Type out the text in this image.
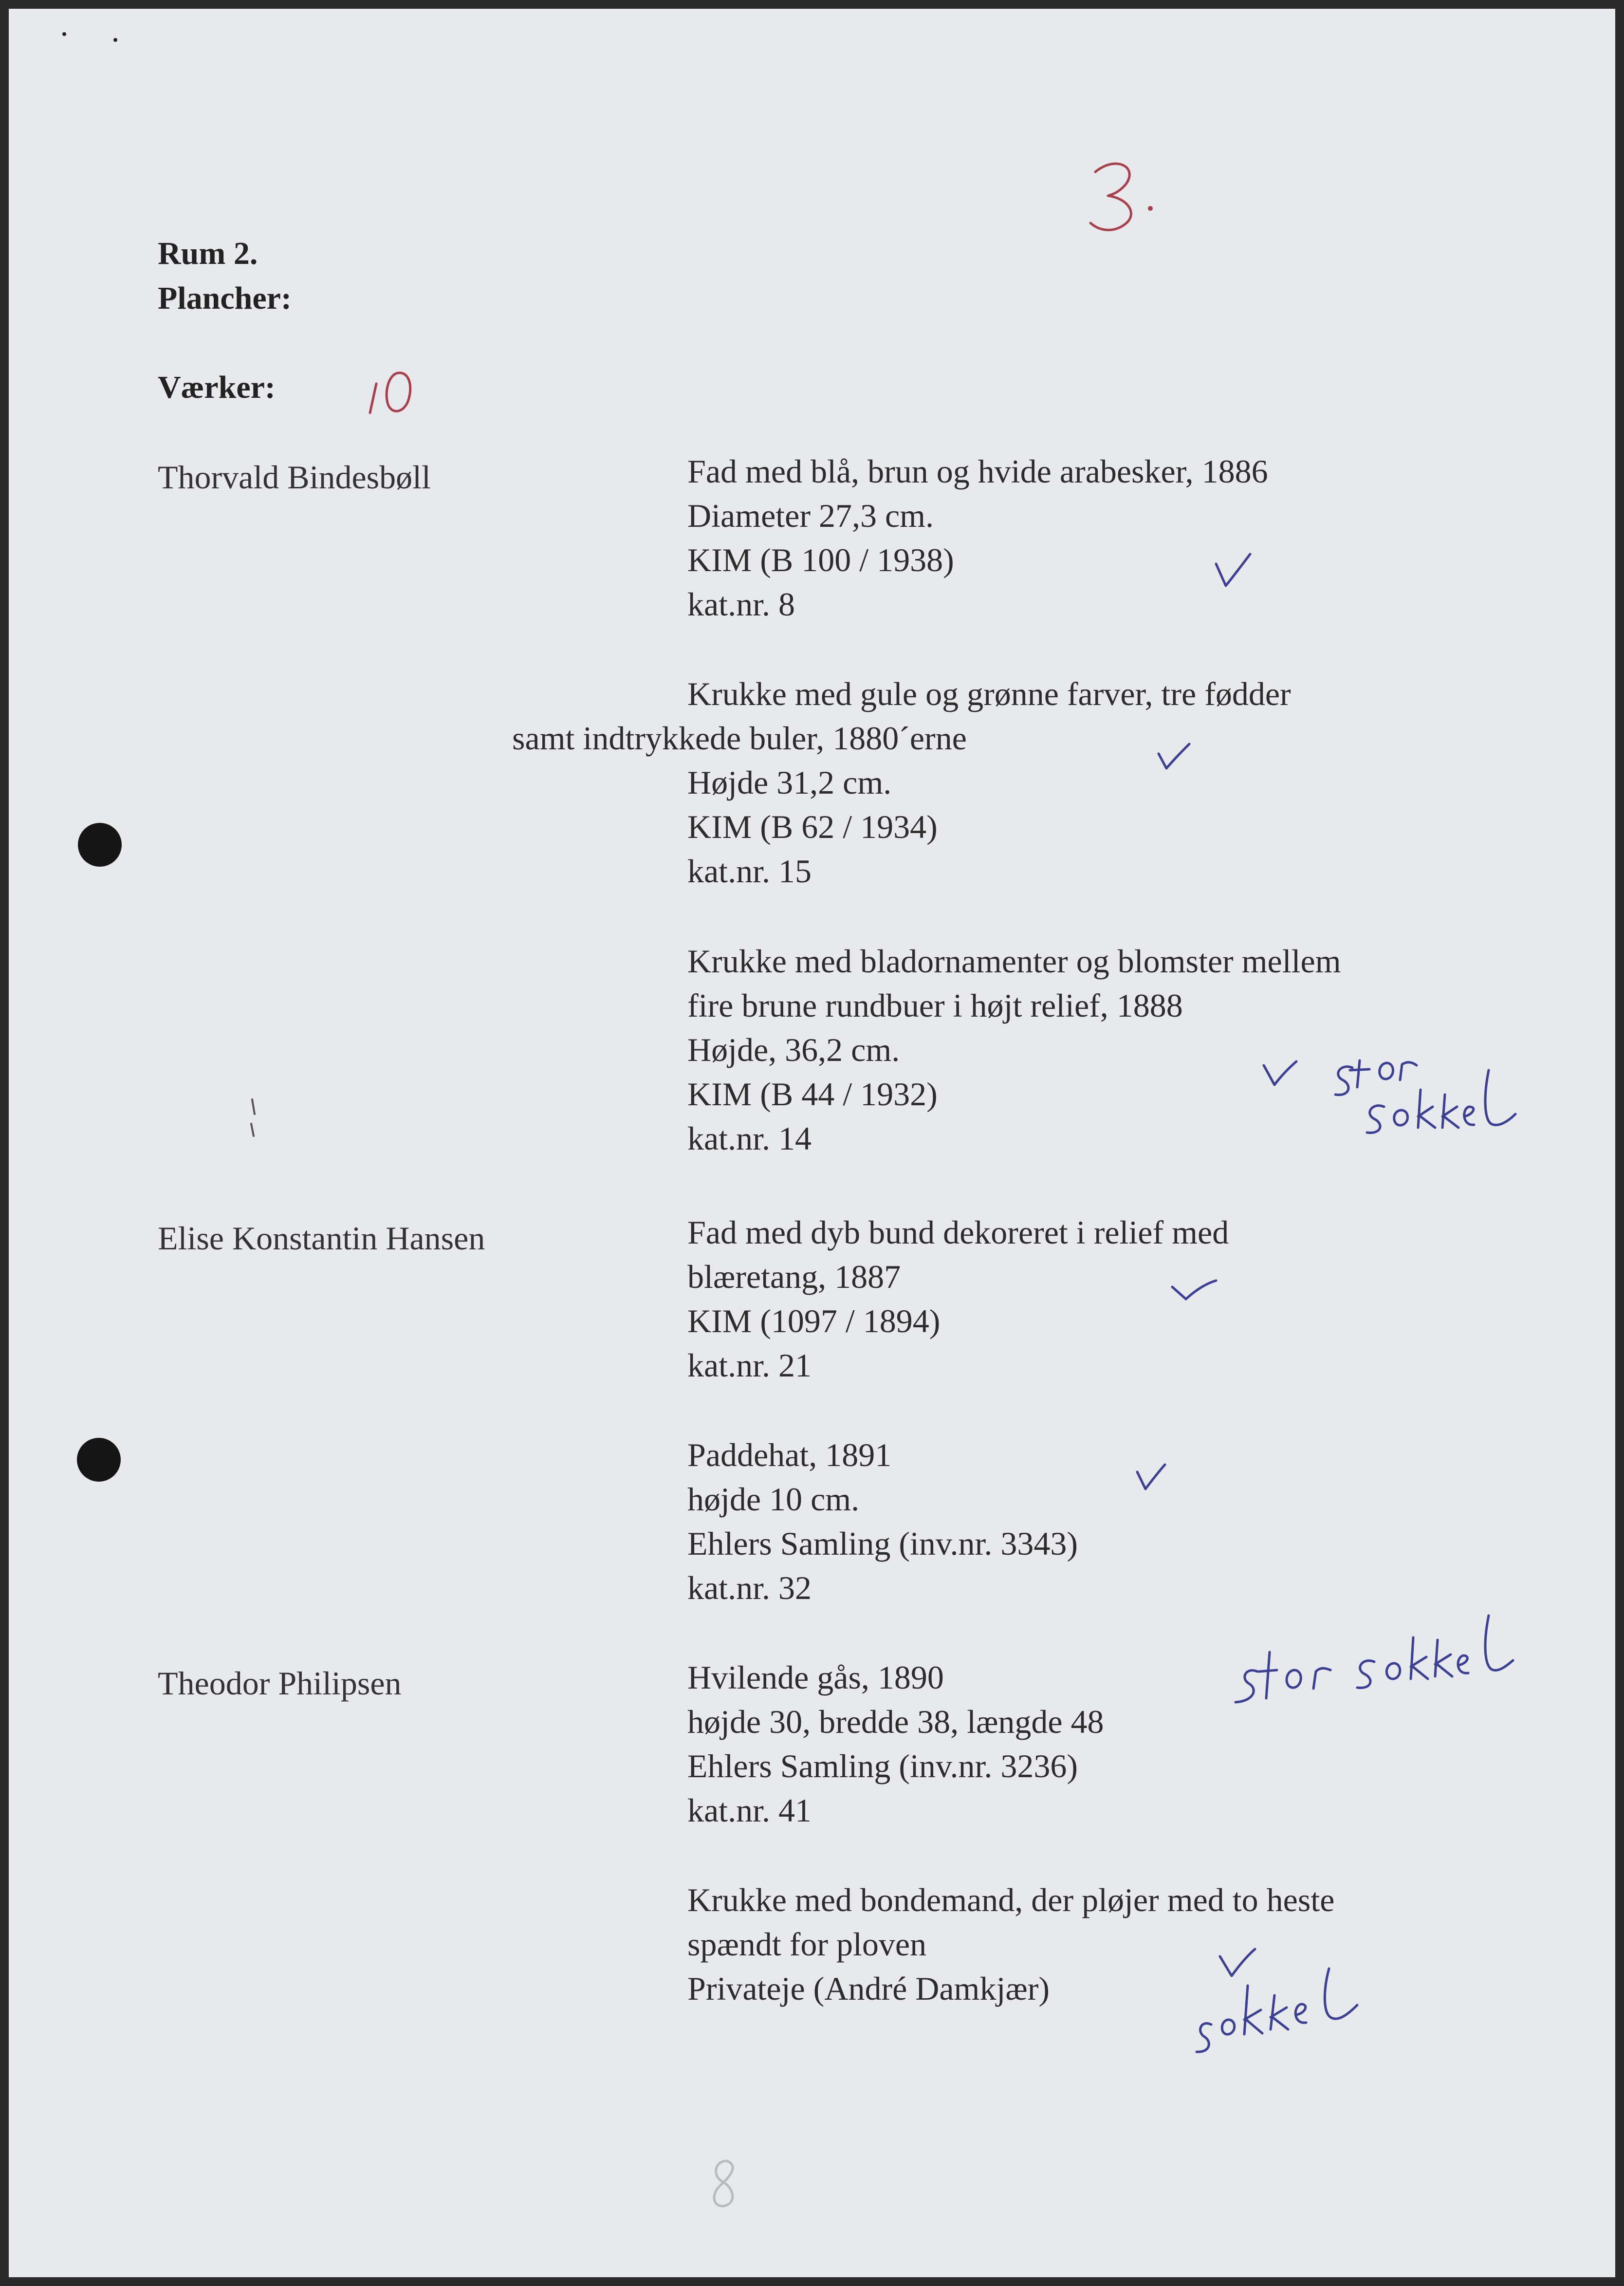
Rum 2.
Plancher:
Værker:
Thorvald Bindesbøll	Fad med blå, brun og hvide arabesker, 1886
Diameter 27,3 cm.
KIM (B 100 / 1938)
kat.nr. 8
Krukke med gule og grønne farver, tre fødder
samt indtrykkede buler, 1880´erne
Højde 31,2 cm.
KIM (B 62 / 1934)
kat.nr. 15
Krukke med bladornamenter og blomster mellem
fire brune rundbuer i højt relief, 1888
Højde, 36,2 cm.
KIM (B 44 / 1932)
kat.nr. 14
Elise Konstantin Hansen	Fad med dyb bund dekoreret i relief med
blæretang, 1887
KIM (1097 / 1894)
kat.nr. 21
Paddehat, 1891
højde 10 cm.
Ehlers Samling (inv.nr. 3343)
kat.nr. 32
Theodor Philipsen	Hvilende gås, 1890
højde 30, bredde 38, længde 48
Ehlers Samling (inv.nr. 3236)
kat.nr. 41
Krukke med bondemand, der pløjer med to heste
spændt for ploven
Privateje (André Damkjær)
